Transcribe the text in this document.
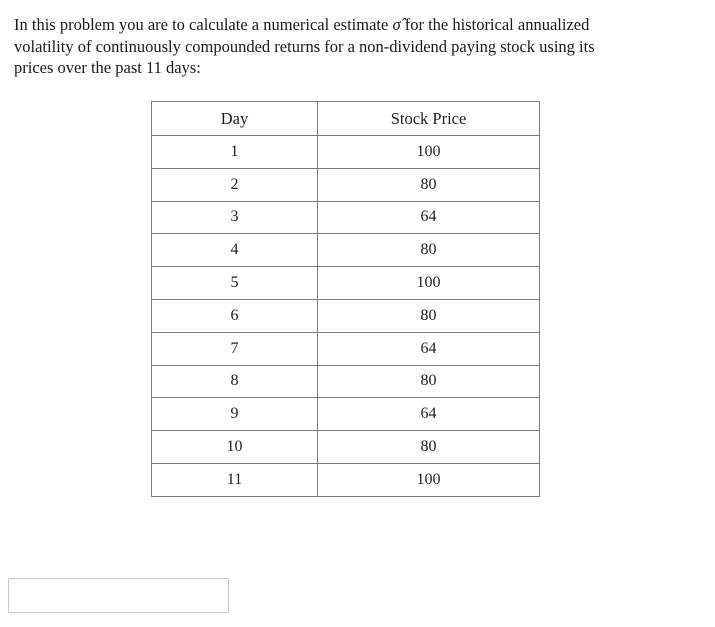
In this problem you are to calculate a numerical estimate σ̂ for the historical annualized
volatility of continuously compounded returns for a non-dividend paying stock using its
prices over the past 11 days:
Day	Stock Price
1	100
2	80
3	64
4	80
5	100
6	80
7	64
8	80
9	64
10	80
11	100
